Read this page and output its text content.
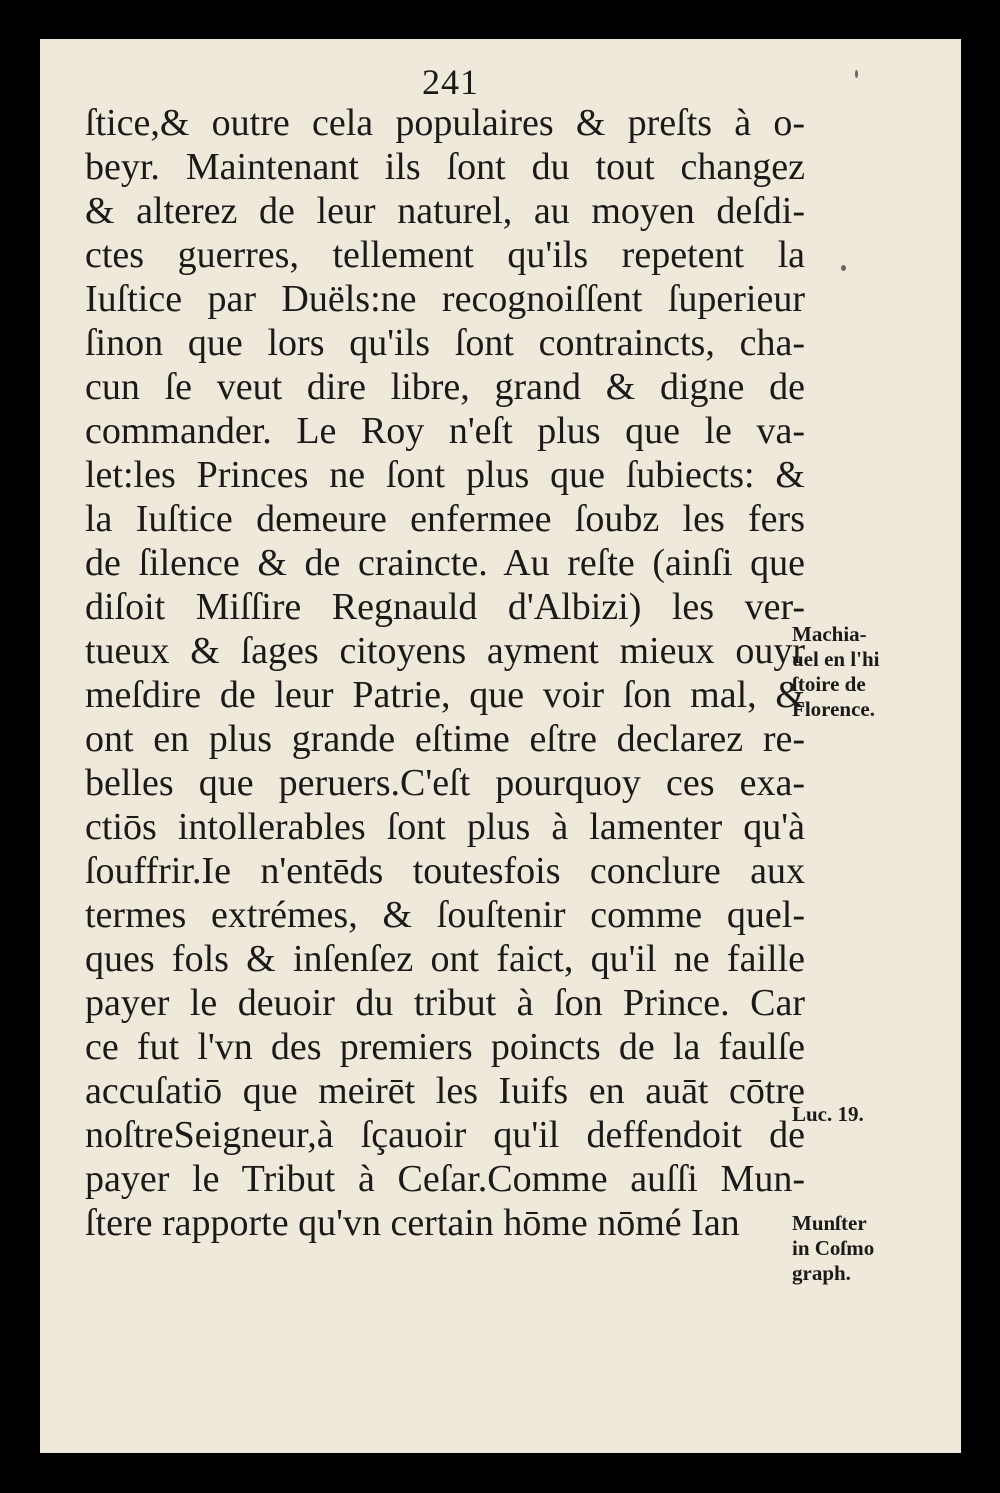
241
ſtice,& outre cela populaires & preſts à o-
beyr. Maintenant ils ſont du tout changez
& alterez de leur naturel, au moyen deſdi-
ctes guerres, tellement qu'ils repetent la
Iuſtice par Duëls:ne recognoiſſent ſuperieur
ſinon que lors qu'ils ſont contraincts, cha-
cun ſe veut dire libre, grand & digne de
commander. Le Roy n'eſt plus que le va-
let:les Princes ne ſont plus que ſubiects: &
la Iuſtice demeure enfermee ſoubz les fers
de ſilence & de craincte. Au reſte (ainſi que
diſoit Miſſire Regnauld d'Albizi) les ver-
tueux & ſages citoyens ayment mieux ouyr
meſdire de leur Patrie, que voir ſon mal, &
ont en plus grande eſtime eſtre declarez re-
belles que peruers.C'eſt pourquoy ces exa-
ctiōs intollerables ſont plus à lamenter qu'à
ſouffrir.Ie n'entēds toutesfois conclure aux
termes extrémes, & ſouſtenir comme quel-
ques fols & inſenſez ont faict, qu'il ne faille
payer le deuoir du tribut à ſon Prince. Car
ce fut l'vn des premiers poincts de la faulſe
accuſatiō que meirēt les Iuifs en auāt cōtre
noſtreSeigneur,à ſçauoir qu'il deffendoit de
payer le Tribut à Ceſar.Comme auſſi Mun-
ſtere rapporte qu'vn certain hōme nōmé Ian
Machia-
uel en l'hi
ſtoire de
Florence.
Luc. 19.
Munſter
in Coſmo
graph.
